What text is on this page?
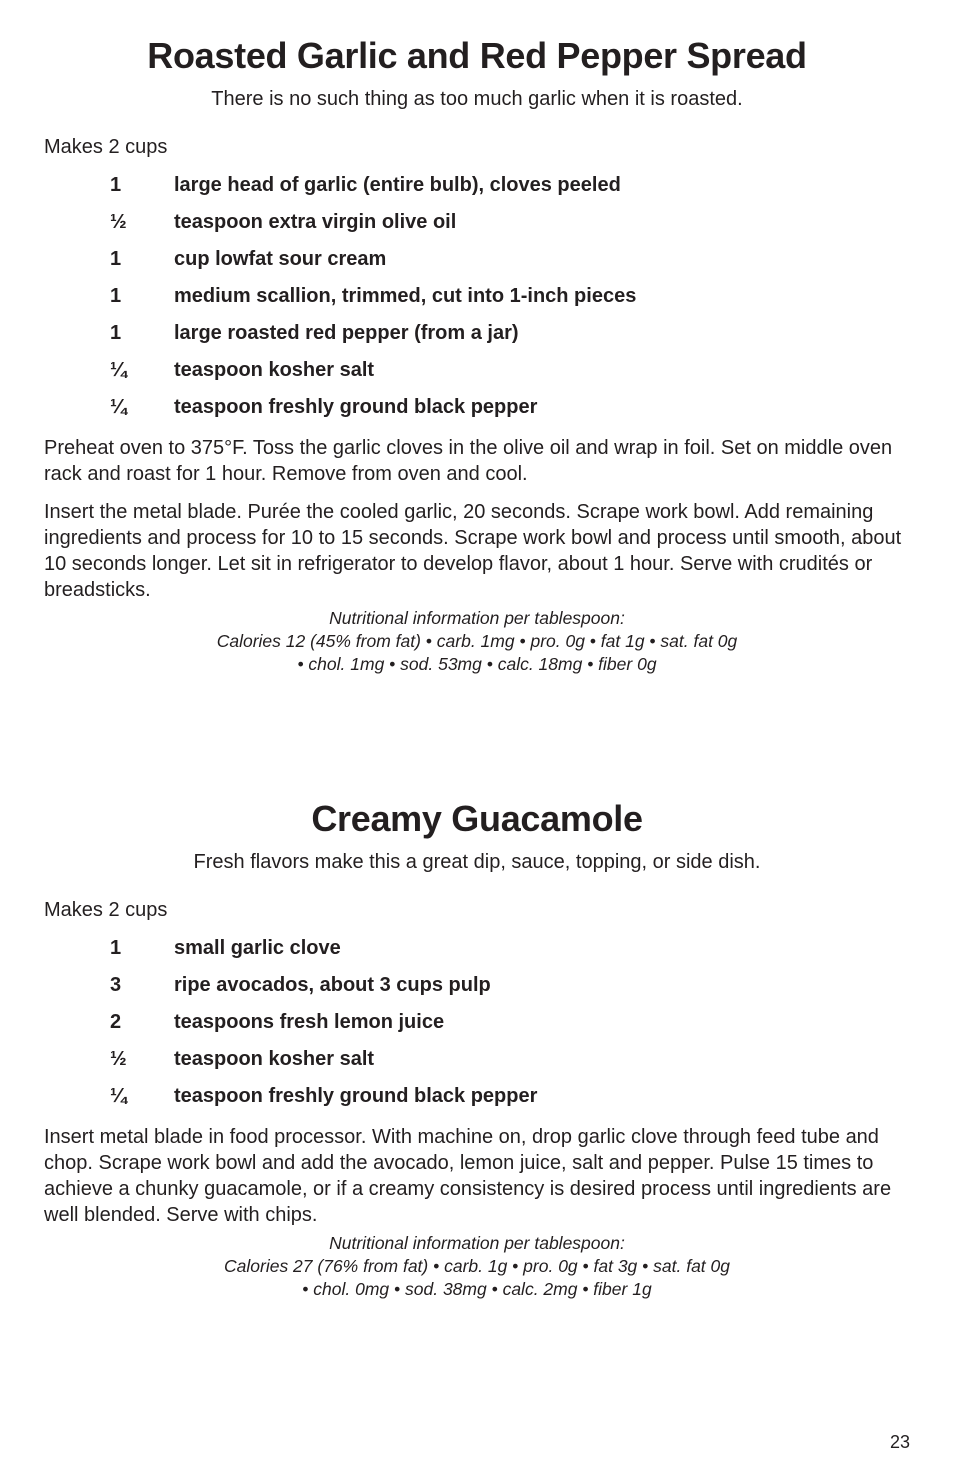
Roasted Garlic and Red Pepper Spread
There is no such thing as too much garlic when it is roasted.
Makes 2 cups
1	large head of garlic (entire bulb), cloves peeled
½	teaspoon extra virgin olive oil
1	cup lowfat sour cream
1	medium scallion, trimmed, cut into 1-inch pieces
1	large roasted red pepper (from a jar)
¼	teaspoon kosher salt
¼	teaspoon freshly ground black pepper

Preheat oven to 375°F. Toss the garlic cloves in the olive oil and wrap in foil. Set on middle oven rack and roast for 1 hour. Remove from oven and cool.

Insert the metal blade. Purée the cooled garlic, 20 seconds. Scrape work bowl. Add remaining ingredients and process for 10 to 15 seconds. Scrape work bowl and process until smooth, about 10 seconds longer. Let sit in refrigerator to develop flavor, about 1 hour. Serve with crudités or breadsticks.

Nutritional information per tablespoon:
Calories 12 (45% from fat) • carb. 1mg • pro. 0g • fat 1g • sat. fat 0g
• chol. 1mg • sod. 53mg • calc. 18mg • fiber 0g
Creamy Guacamole
Fresh flavors make this a great dip, sauce, topping, or side dish.
Makes 2 cups
1	small garlic clove
3	ripe avocados, about 3 cups pulp
2	teaspoons fresh lemon juice
½	teaspoon kosher salt
¼	teaspoon freshly ground black pepper

Insert metal blade in food processor. With machine on, drop garlic clove through feed tube and chop. Scrape work bowl and add the avocado, lemon juice, salt and pepper. Pulse 15 times to achieve a chunky guacamole, or if a creamy consistency is desired process until ingredients are well blended. Serve with chips.

Nutritional information per tablespoon:
Calories 27 (76% from fat) • carb. 1g • pro. 0g • fat 3g • sat. fat 0g
• chol. 0mg • sod. 38mg • calc. 2mg • fiber 1g
23
